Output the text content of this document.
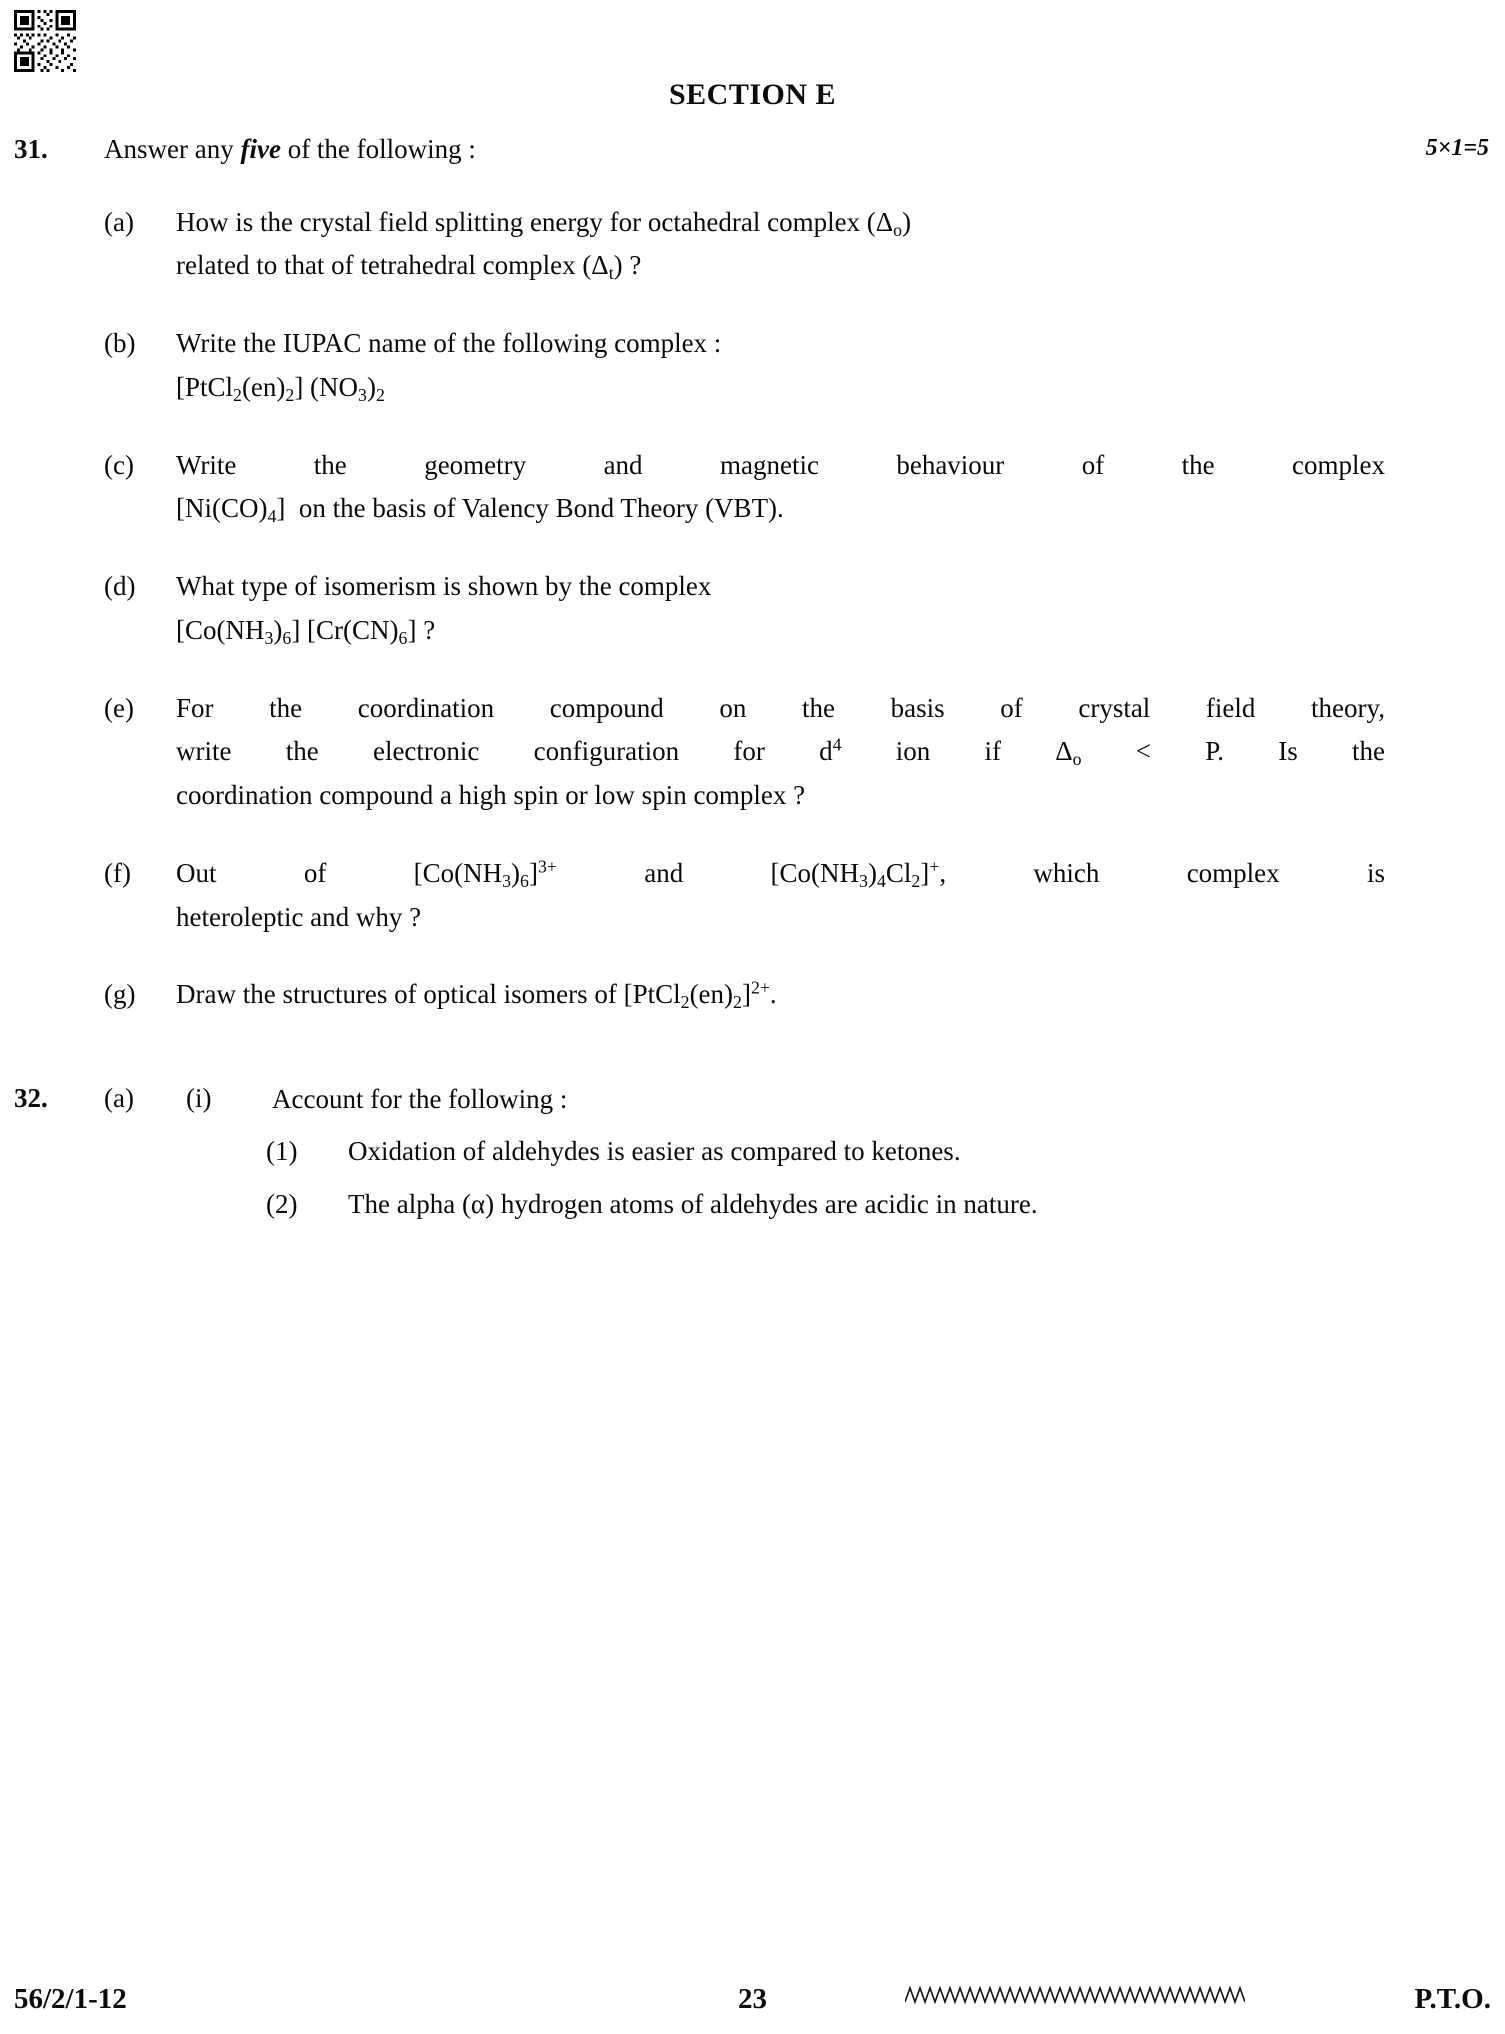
SECTION E
31.	Answer any five of the following :	5×1=5
(a)	How is the crystal field splitting energy for octahedral complex $(\Delta_o)$
related to that of tetrahedral complex $(\Delta_t)$ ?
(b)	Write the IUPAC name of the following complex :
$[PtCl_2(en)_2]$ $(NO_3)_2$
(c)	Write the geometry and magnetic behaviour of the complex
$[Ni(CO)_4]$  on the basis of Valency Bond Theory (VBT).
(d)	What type of isomerism is shown by the complex
$[Co(NH_3)_6]$ $[Cr(CN)_6]$ ?
(e)	For the coordination compound on the basis of crystal field theory,
write  the  electronic  configuration  for  $d^4$  ion  if  $\Delta_o < P$.  Is  the
coordination compound a high spin or low spin complex ?
(f)	Out  of  $[Co(NH_3)_6]^{3+}$  and  $[Co(NH_3)_4Cl_2]^+$,  which  complex  is
heteroleptic and why ?
(g)	Draw the structures of optical isomers of $[PtCl_2(en)_2]^{2+}$.
32. (a) (i) Account for the following :
(1) Oxidation of aldehydes is easier as compared to ketones.
(2) The alpha (α) hydrogen atoms of aldehydes are acidic in nature.
56/2/1-12	23	P.T.O.
